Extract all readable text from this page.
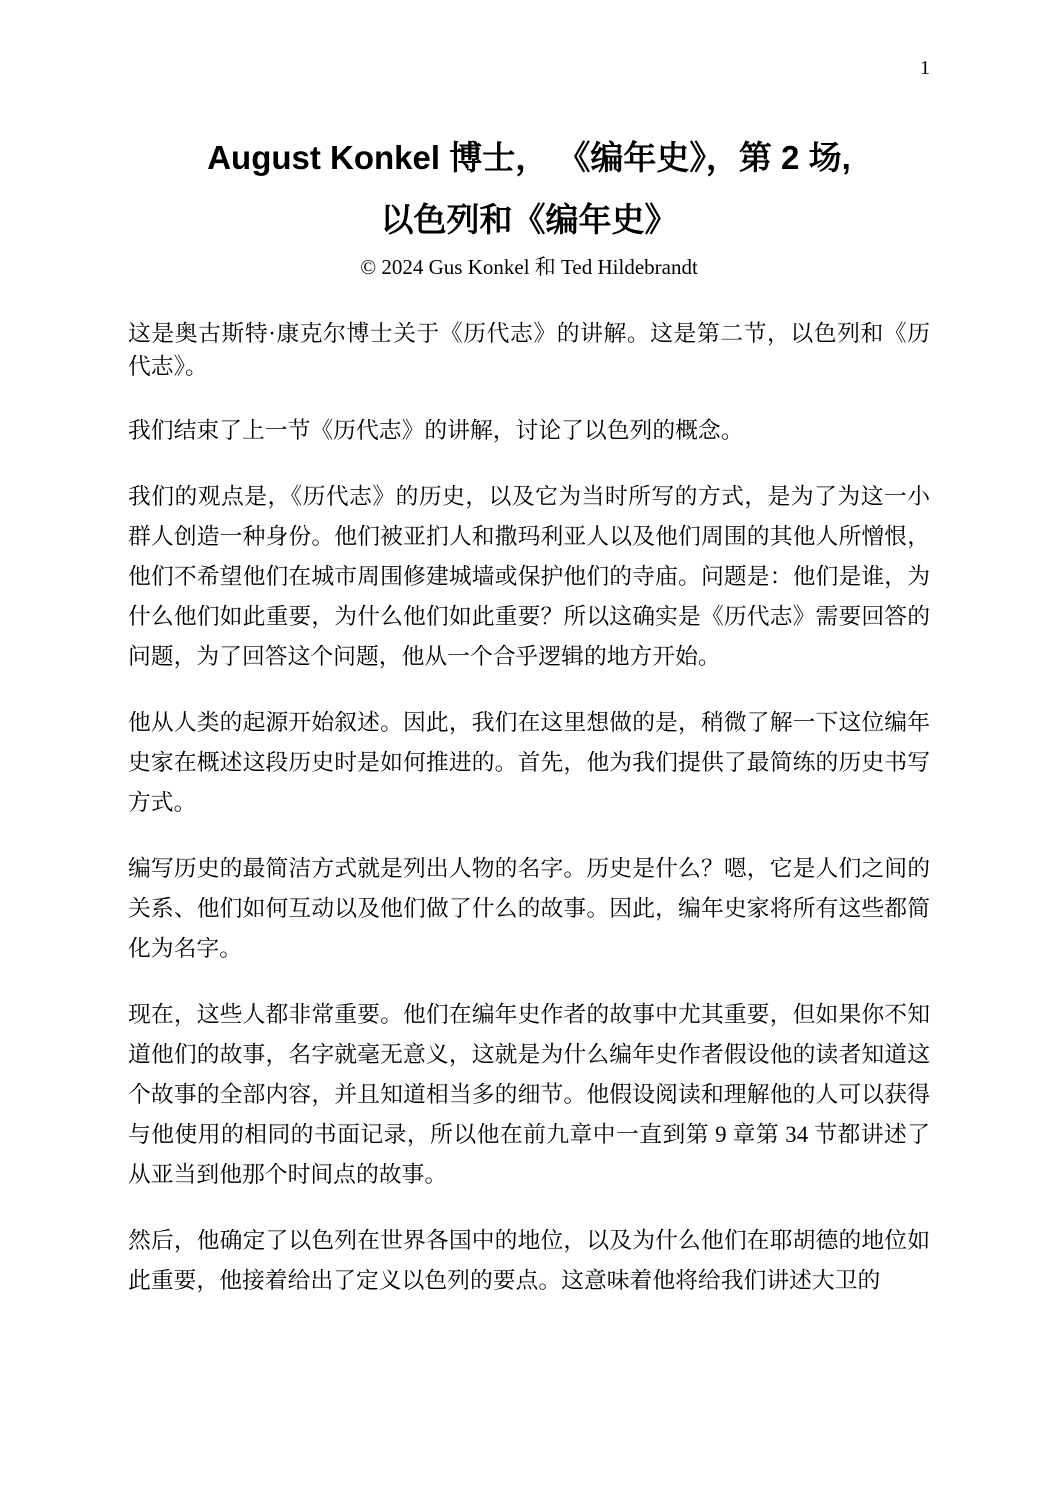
1
August Konkel 博士， 《编年史》，第 2 场,
以色列和《编年史》
© 2024 Gus Konkel 和 Ted Hildebrandt

这是奥古斯特·康克尔博士关于《历代志》的讲解。这是第二节，以色列和《历代志》。

我们结束了上一节《历代志》的讲解，讨论了以色列的概念。

我们的观点是，《历代志》的历史，以及它为当时所写的方式，是为了为这一小群人创造一种身份。他们被亚扪人和撒玛利亚人以及他们周围的其他人所憎恨，他们不希望他们在城市周围修建城墙或保护他们的寺庙。问题是：他们是谁，为什么他们如此重要，为什么他们如此重要？所以这确实是《历代志》需要回答的问题，为了回答这个问题，他从一个合乎逻辑的地方开始。

他从人类的起源开始叙述。因此，我们在这里想做的是，稍微了解一下这位编年史家在概述这段历史时是如何推进的。首先，他为我们提供了最简练的历史书写方式。

编写历史的最简洁方式就是列出人物的名字。历史是什么？嗯，它是人们之间的关系、他们如何互动以及他们做了什么的故事。因此，编年史家将所有这些都简化为名字。

现在，这些人都非常重要。他们在编年史作者的故事中尤其重要，但如果你不知道他们的故事，名字就毫无意义，这就是为什么编年史作者假设他的读者知道这个故事的全部内容，并且知道相当多的细节。他假设阅读和理解他的人可以获得与他使用的相同的书面记录，所以他在前九章中一直到第 9 章第 34 节都讲述了从亚当到他那个时间点的故事。

然后，他确定了以色列在世界各国中的地位，以及为什么他们在耶胡德的地位如此重要，他接着给出了定义以色列的要点。这意味着他将给我们讲述大卫的
